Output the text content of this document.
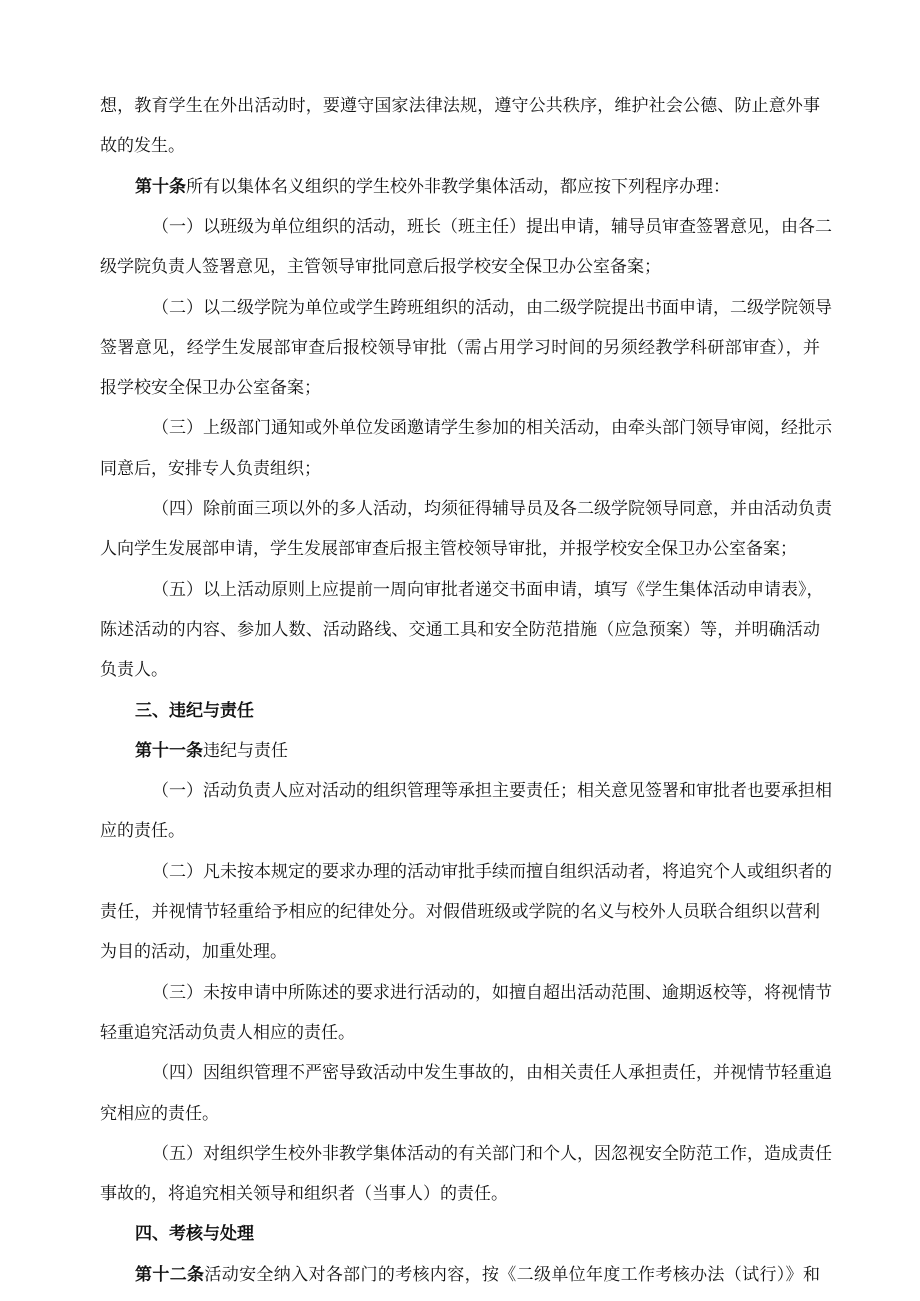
想，教育学生在外出活动时，要遵守国家法律法规，遵守公共秩序，维护社会公德、防止意外事
故的发生。
第十条所有以集体名义组织的学生校外非教学集体活动，都应按下列程序办理：
（一）以班级为单位组织的活动，班长（班主任）提出申请，辅导员审查签署意见，由各二
级学院负责人签署意见，主管领导审批同意后报学校安全保卫办公室备案；
（二）以二级学院为单位或学生跨班组织的活动，由二级学院提出书面申请，二级学院领导
签署意见，经学生发展部审查后报校领导审批（需占用学习时间的另须经教学科研部审查），并
报学校安全保卫办公室备案；
（三）上级部门通知或外单位发函邀请学生参加的相关活动，由牵头部门领导审阅，经批示
同意后，安排专人负责组织；
（四）除前面三项以外的多人活动，均须征得辅导员及各二级学院领导同意，并由活动负责
人向学生发展部申请，学生发展部审查后报主管校领导审批，并报学校安全保卫办公室备案；
（五）以上活动原则上应提前一周向审批者递交书面申请，填写《学生集体活动申请表》，
陈述活动的内容、参加人数、活动路线、交通工具和安全防范措施（应急预案）等，并明确活动
负责人。
三、违纪与责任
第十一条违纪与责任
（一）活动负责人应对活动的组织管理等承担主要责任；相关意见签署和审批者也要承担相
应的责任。
（二）凡未按本规定的要求办理的活动审批手续而擅自组织活动者，将追究个人或组织者的
责任，并视情节轻重给予相应的纪律处分。对假借班级或学院的名义与校外人员联合组织以营利
为目的活动，加重处理。
（三）未按申请中所陈述的要求进行活动的，如擅自超出活动范围、逾期返校等，将视情节
轻重追究活动负责人相应的责任。
（四）因组织管理不严密导致活动中发生事故的，由相关责任人承担责任，并视情节轻重追
究相应的责任。
（五）对组织学生校外非教学集体活动的有关部门和个人，因忽视安全防范工作，造成责任
事故的，将追究相关领导和组织者（当事人）的责任。
四、考核与处理
第十二条活动安全纳入对各部门的考核内容，按《二级单位年度工作考核办法（试行）》和
